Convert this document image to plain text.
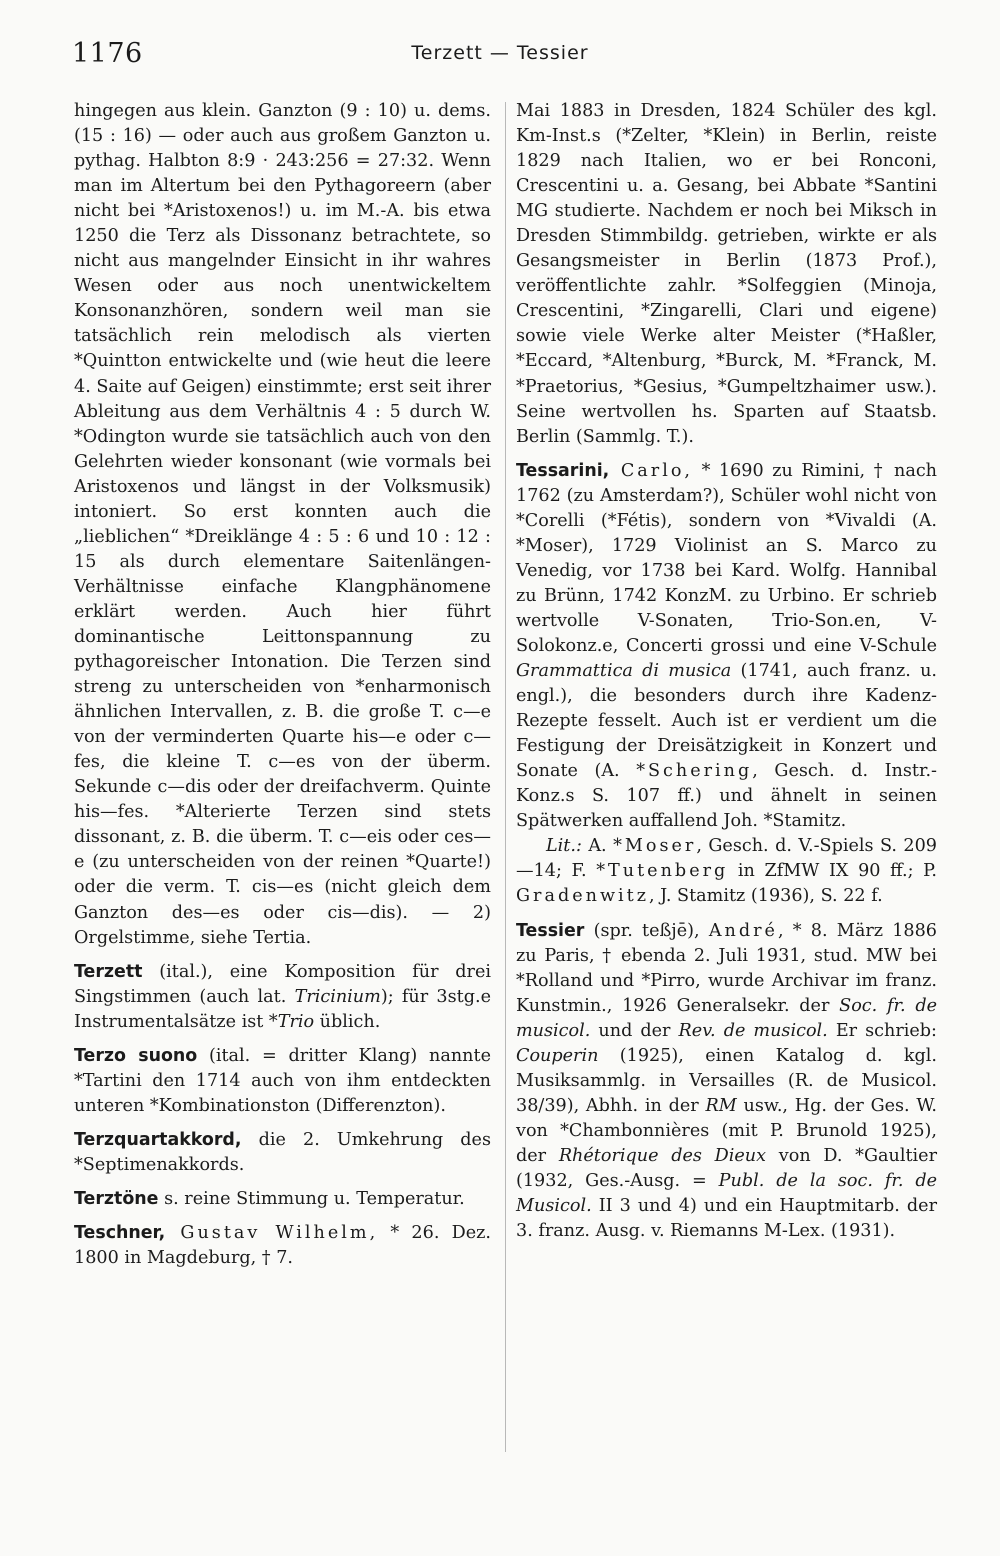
1176	Terzett — Tessier

hingegen aus klein. Ganzton (9 : 10) u. dems. (15 : 16) — oder auch aus großem Ganzton u. pythag. Halbton 8:9 · 243:256 = 27:32. Wenn man im Altertum bei den Pythagoreern (aber nicht bei *Aristoxenos!) u. im M.-A. bis etwa 1250 die Terz als Dissonanz betrachtete, so nicht aus mangelnder Einsicht in ihr wahres Wesen oder aus noch unentwickeltem Konsonanzhören, sondern weil man sie tatsächlich rein melodisch als vierten *Quintton entwickelte und (wie heut die leere 4. Saite auf Geigen) einstimmte; erst seit ihrer Ableitung aus dem Verhältnis 4 : 5 durch W. *Odington wurde sie tatsächlich auch von den Gelehrten wieder konsonant (wie vormals bei Aristoxenos und längst in der Volksmusik) intoniert. So erst konnten auch die „lieblichen“ *Dreiklänge 4 : 5 : 6 und 10 : 12 : 15 als durch elementare Saitenlängen-Verhältnisse einfache Klangphänomene erklärt werden. Auch hier führt dominantische Leittonspannung zu pythagoreischer Intonation. Die Terzen sind streng zu unterscheiden von *enharmonisch ähnlichen Intervallen, z. B. die große T. c—e von der verminderten Quarte his—e oder c—fes, die kleine T. c—es von der überm. Sekunde c—dis oder der dreifachverm. Quinte his—fes. *Alterierte Terzen sind stets dissonant, z. B. die überm. T. c—eis oder ces—e (zu unterscheiden von der reinen *Quarte!) oder die verm. T. cis—es (nicht gleich dem Ganzton des—es oder cis—dis). — 2) Orgelstimme, siehe Tertia.

Terzett (ital.), eine Komposition für drei Singstimmen (auch lat. Tricinium); für 3stg.e Instrumentalsätze ist *Trio üblich.

Terzo suono (ital. = dritter Klang) nannte *Tartini den 1714 auch von ihm entdeckten unteren *Kombinationston (Differenzton).

Terzquartakkord, die 2. Umkehrung des *Septimenakkords.

Terztöne s. reine Stimmung u. Temperatur.

Teschner, Gustav Wilhelm, * 26. Dez. 1800 in Magdeburg, † 7.

Mai 1883 in Dresden, 1824 Schüler des kgl. Km-Inst.s (*Zelter, *Klein) in Berlin, reiste 1829 nach Italien, wo er bei Ronconi, Crescentini u. a. Gesang, bei Abbate *Santini MG studierte. Nachdem er noch bei Miksch in Dresden Stimmbildg. getrieben, wirkte er als Gesangsmeister in Berlin (1873 Prof.), veröffentlichte zahlr. *Solfeggien (Minoja, Crescentini, *Zingarelli, Clari und eigene) sowie viele Werke alter Meister (*Haßler, *Eccard, *Altenburg, *Burck, M. *Franck, M. *Praetorius, *Gesius, *Gumpeltzhaimer usw.). Seine wertvollen hs. Sparten auf Staatsb. Berlin (Sammlg. T.).

Tessarini, Carlo, * 1690 zu Rimini, † nach 1762 (zu Amsterdam?), Schüler wohl nicht von *Corelli (*Fétis), sondern von *Vivaldi (A. *Moser), 1729 Violinist an S. Marco zu Venedig, vor 1738 bei Kard. Wolfg. Hannibal zu Brünn, 1742 KonzM. zu Urbino. Er schrieb wertvolle V-Sonaten, Trio-Son.en, V-Solokonz.e, Concerti grossi und eine V-Schule Grammattica di musica (1741, auch franz. u. engl.), die besonders durch ihre Kadenz-Rezepte fesselt. Auch ist er verdient um die Festigung der Dreisätzigkeit in Konzert und Sonate (A. *Schering, Gesch. d. Instr.-Konz.s S. 107 ff.) und ähnelt in seinen Spätwerken auffallend Joh. *Stamitz.

Lit.: A. *Moser, Gesch. d. V.-Spiels S. 209—14; F. *Tutenberg in ZfMW IX 90 ff.; P. Gradenwitz, J. Stamitz (1936), S. 22 f.

Tessier (spr. teßjē), André, * 8. März 1886 zu Paris, † ebenda 2. Juli 1931, stud. MW bei *Rolland und *Pirro, wurde Archivar im franz. Kunstmin., 1926 Generalsekr. der Soc. fr. de musicol. und der Rev. de musicol. Er schrieb: Couperin (1925), einen Katalog d. kgl. Musiksammlg. in Versailles (R. de Musicol. 38/39), Abhh. in der RM usw., Hg. der Ges. W. von *Chambonnières (mit P. Brunold 1925), der Rhétorique des Dieux von D. *Gaultier (1932, Ges.-Ausg. = Publ. de la soc. fr. de Musicol. II 3 und 4) und ein Hauptmitarb. der 3. franz. Ausg. v. Riemanns M-Lex. (1931).
